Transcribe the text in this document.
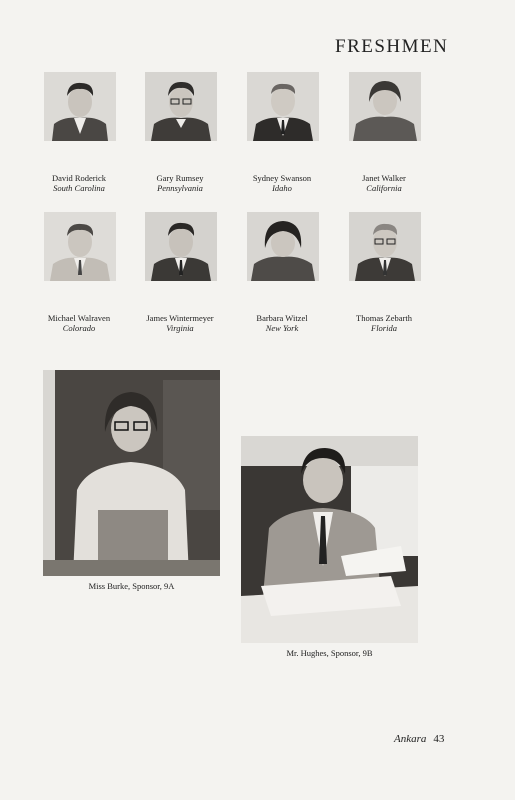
FRESHMEN
David Roderick
South Carolina
Gary Rumsey
Pennsylvania
Sydney Swanson
Idaho
Janet Walker
California
Michael Walraven
Colorado
James Wintermeyer
Virginia
Barbara Witzel
New York
Thomas Zebarth
Florida
Miss Burke, Sponsor, 9A
Mr. Hughes, Sponsor, 9B
Ankara 43
